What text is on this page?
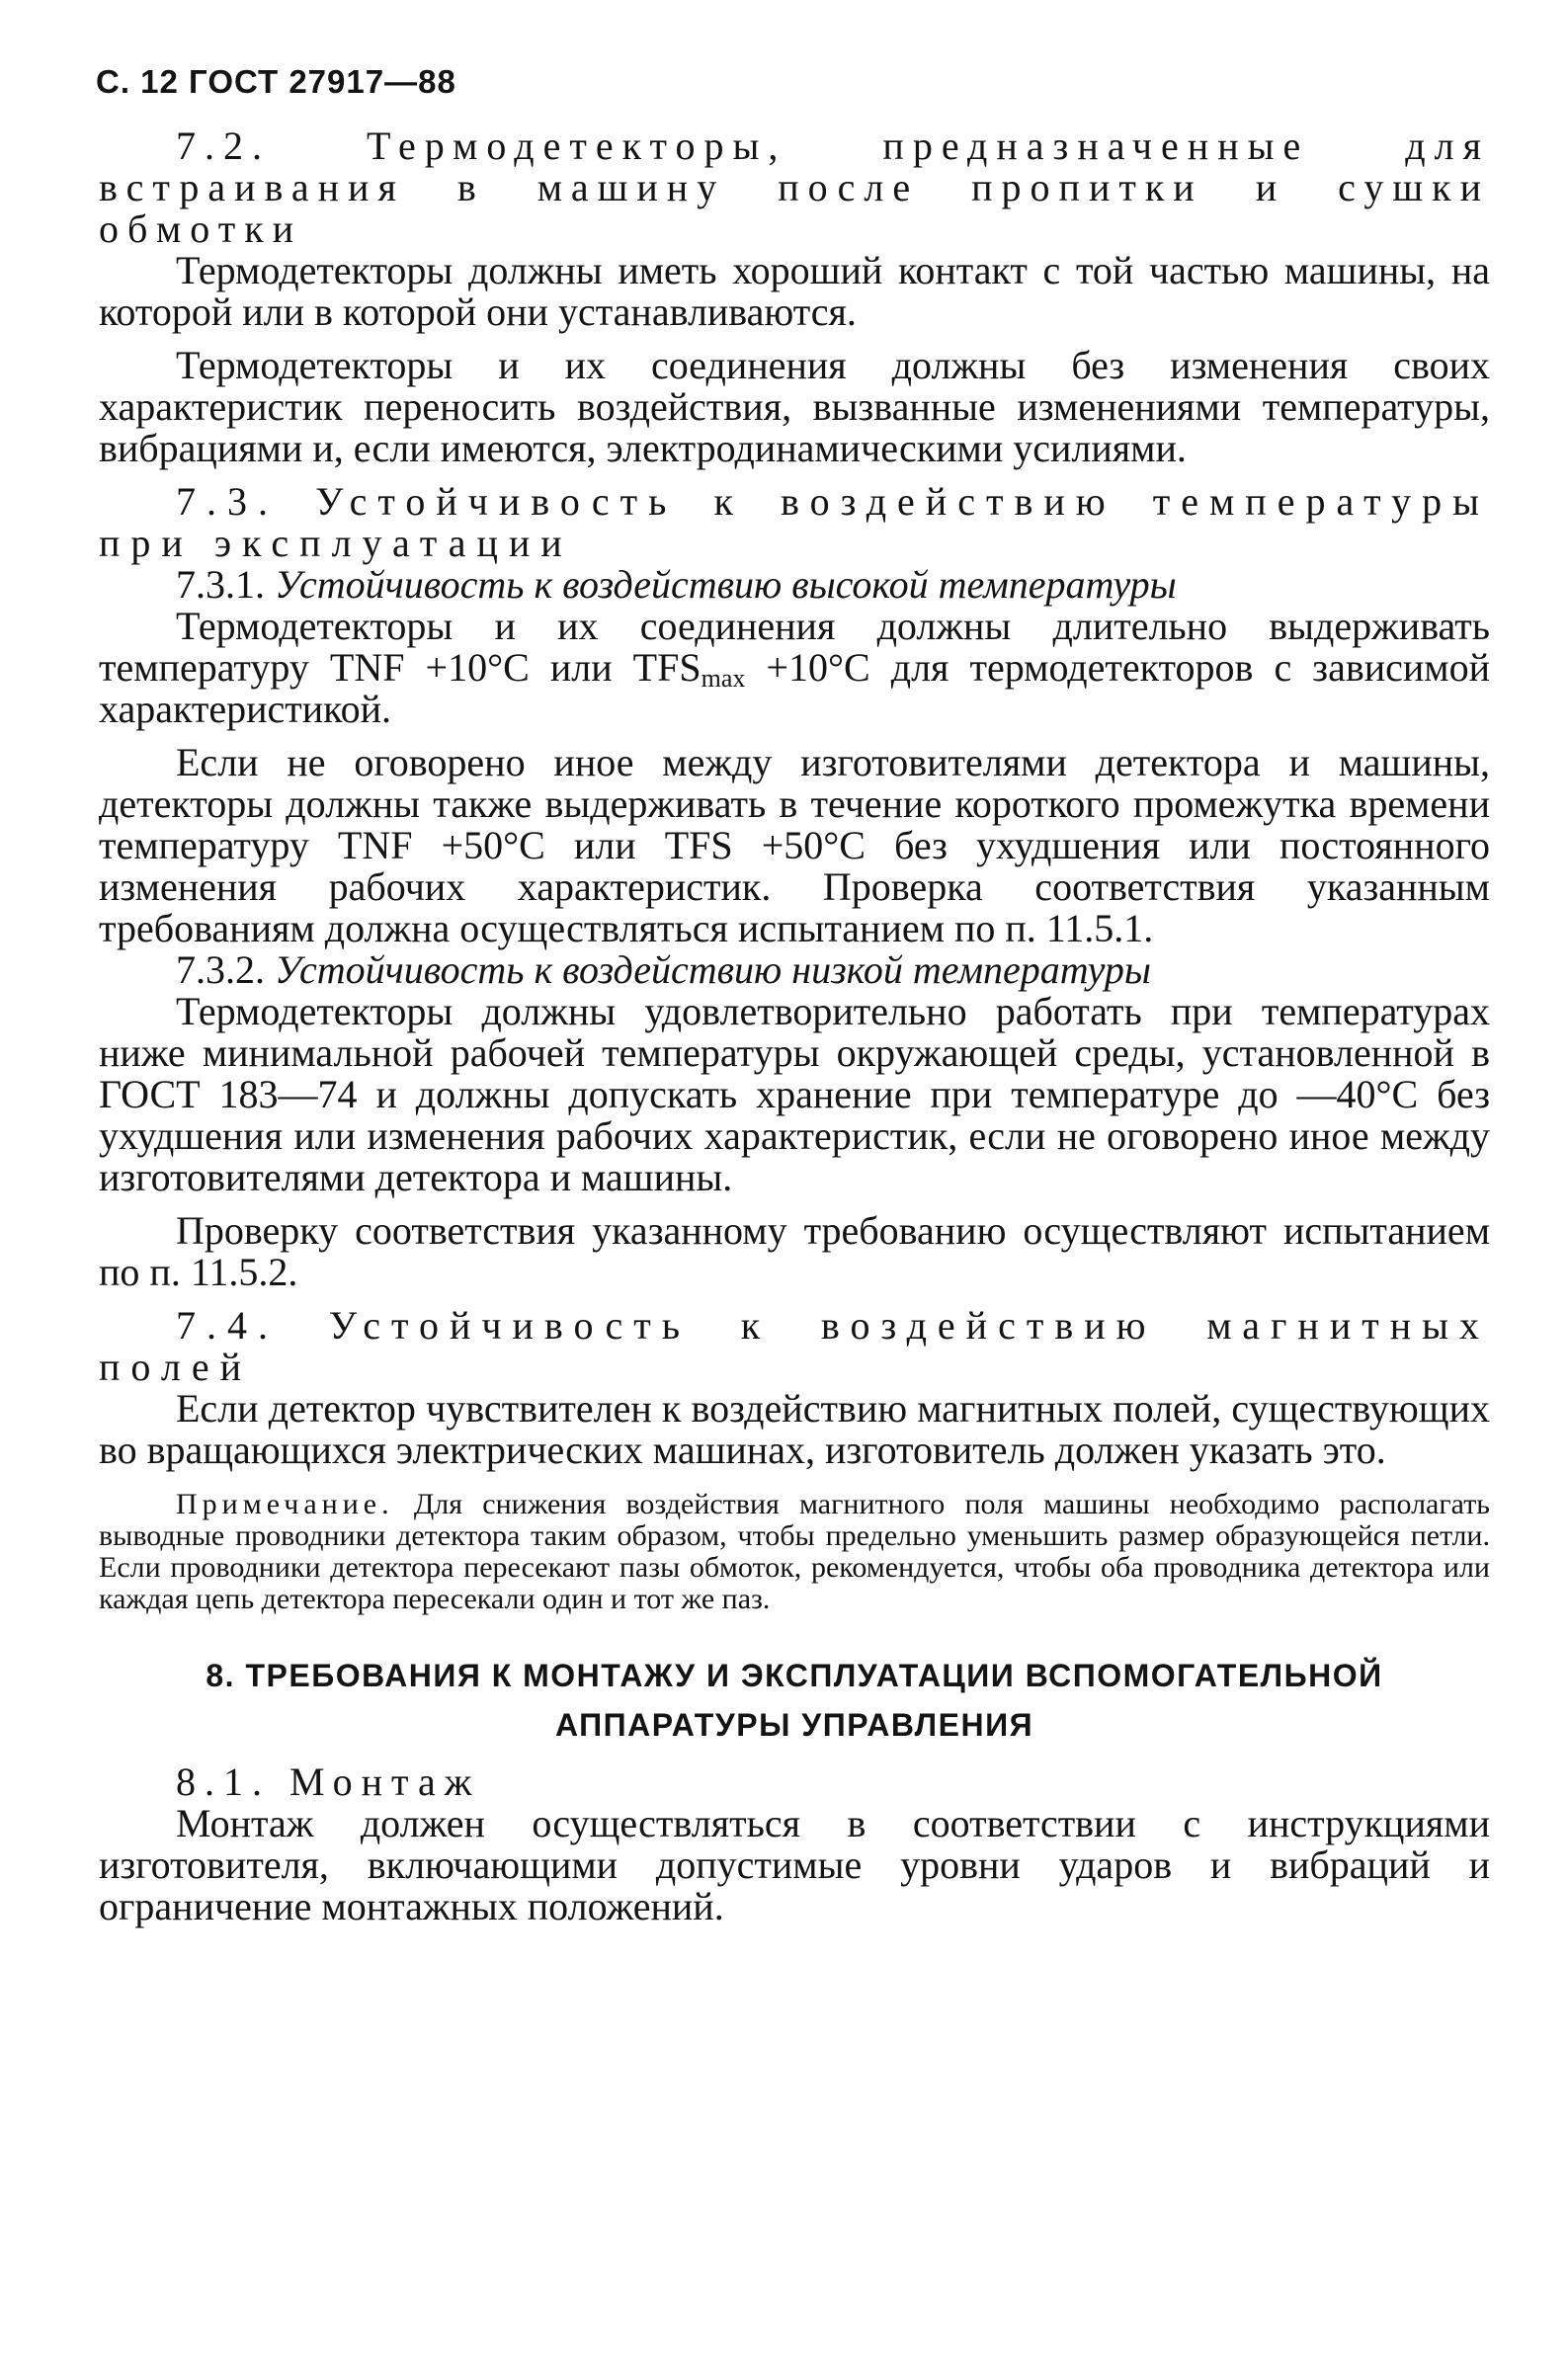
С. 12 ГОСТ 27917—88

7.2. Термодетекторы, предназначенные для встраивания в машину после пропитки и сушки обмотки

Термодетекторы должны иметь хороший контакт с той частью машины, на которой или в которой они устанавливаются.

Термодетекторы и их соединения должны без изменения своих характеристик переносить воздействия, вызванные изменениями температуры, вибрациями и, если имеются, электродинамическими усилиями.

7.3. Устойчивость к воздействию температуры при эксплуатации

7.3.1. Устойчивость к воздействию высокой температуры

Термодетекторы и их соединения должны длительно выдерживать температуру TNF +10°С или $TFS_{max} +10^\circ С$ для термодетекторов с зависимой характеристикой.

Если не оговорено иное между изготовителями детектора и машины, детекторы должны также выдерживать в течение короткого промежутка времени температуру TNF +50°С или TFS +50°С без ухудшения или постоянного изменения рабочих характеристик. Проверка соответствия указанным требованиям должна осуществляться испытанием по п. 11.5.1.

7.3.2. Устойчивость к воздействию низкой температуры

Термодетекторы должны удовлетворительно работать при температурах ниже минимальной рабочей температуры окружающей среды, установленной в ГОСТ 183—74 и должны допускать хранение при температуре до —40°С без ухудшения или изменения рабочих характеристик, если не оговорено иное между изготовителями детектора и машины.

Проверку соответствия указанному требованию осуществляют испытанием по п. 11.5.2.

7.4. Устойчивость к воздействию магнитных полей

Если детектор чувствителен к воздействию магнитных полей, существующих во вращающихся электрических машинах, изготовитель должен указать это.

Примечание. Для снижения воздействия магнитного поля машины необходимо располагать выводные проводники детектора таким образом, чтобы предельно уменьшить размер образующейся петли. Если проводники детектора пересекают пазы обмоток, рекомендуется, чтобы оба проводника детектора или каждая цепь детектора пересекали один и тот же паз.

8. ТРЕБОВАНИЯ К МОНТАЖУ И ЭКСПЛУАТАЦИИ ВСПОМОГАТЕЛЬНОЙ
АППАРАТУРЫ УПРАВЛЕНИЯ

8.1. Монтаж

Монтаж должен осуществляться в соответствии с инструкциями изготовителя, включающими допустимые уровни ударов и вибраций и ограничение монтажных положений.
